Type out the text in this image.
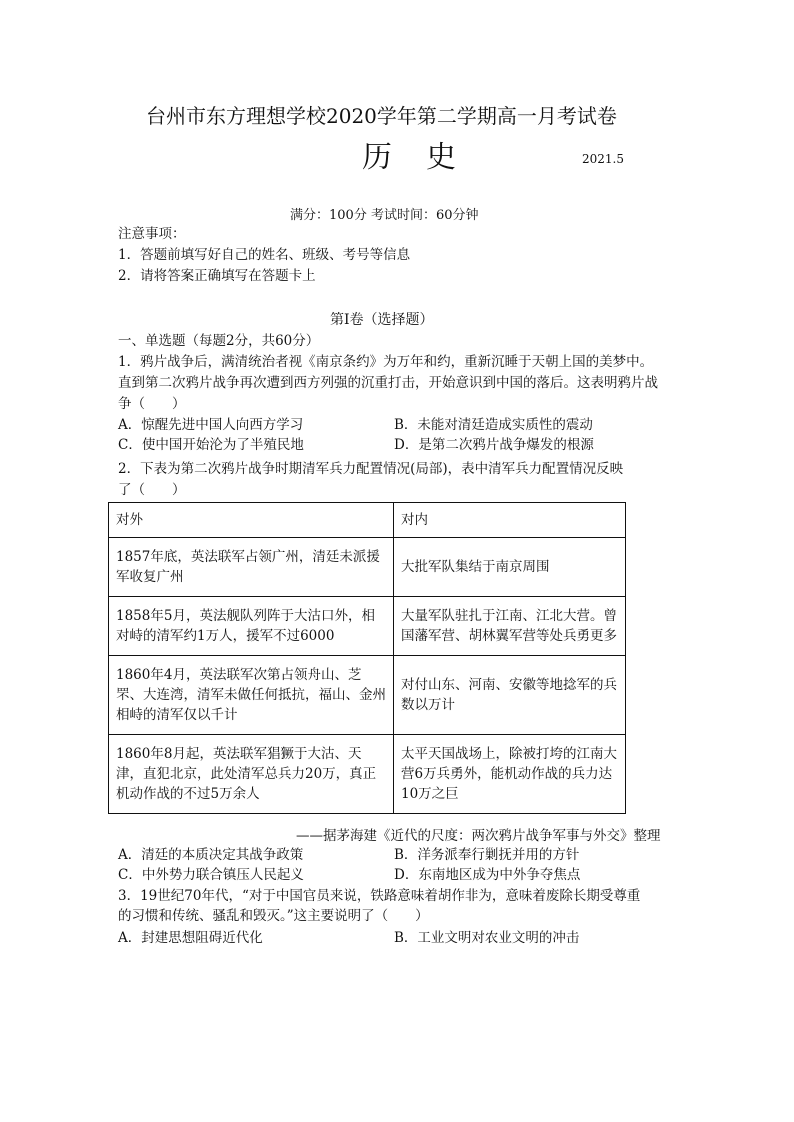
台州市东方理想学校2020学年第二学期高一月考试卷
历史	2021.5
满分：100分 考试时间：60分钟
注意事项：
1．答题前填写好自己的姓名、班级、考号等信息
2．请将答案正确填写在答题卡上
第Ⅰ卷（选择题）
一、单选题（每题2分，共60分）
1．鸦片战争后，满清统治者视《南京条约》为万年和约，重新沉睡于天朝上国的美梦中。
直到第二次鸦片战争再次遭到西方列强的沉重打击，开始意识到中国的落后。这表明鸦片战
争（　　）
A．惊醒先进中国人向西方学习	B．未能对清廷造成实质性的震动
C．使中国开始沦为了半殖民地	D．是第二次鸦片战争爆发的根源
2．下表为第二次鸦片战争时期清军兵力配置情况(局部)，表中清军兵力配置情况反映
了（　　）
对外	对内
1857年底，英法联军占领广州，清廷未派援军收复广州	大批军队集结于南京周围
1858年5月，英法舰队列阵于大沽口外，相对峙的清军约1万人，援军不过6000	大量军队驻扎于江南、江北大营。曾国藩军营、胡林翼军营等处兵勇更多
1860年4月，英法联军次第占领舟山、芝罘、大连湾，清军未做任何抵抗，福山、金州相峙的清军仅以千计	对付山东、河南、安徽等地捻军的兵数以万计
1860年8月起，英法联军猖獗于大沽、天津，直犯北京，此处清军总兵力20万，真正机动作战的不过5万余人	太平天国战场上，除被打垮的江南大营6万兵勇外，能机动作战的兵力达10万之巨
——据茅海建《近代的尺度：两次鸦片战争军事与外交》整理
A．清廷的本质决定其战争政策	B．洋务派奉行剿抚并用的方针
C．中外势力联合镇压人民起义	D．东南地区成为中外争夺焦点
3．19世纪70年代，“对于中国官员来说，铁路意味着胡作非为，意味着废除长期受尊重
的习惯和传统、骚乱和毁灭。”这主要说明了（　　）
A．封建思想阻碍近代化	B．工业文明对农业文明的冲击
